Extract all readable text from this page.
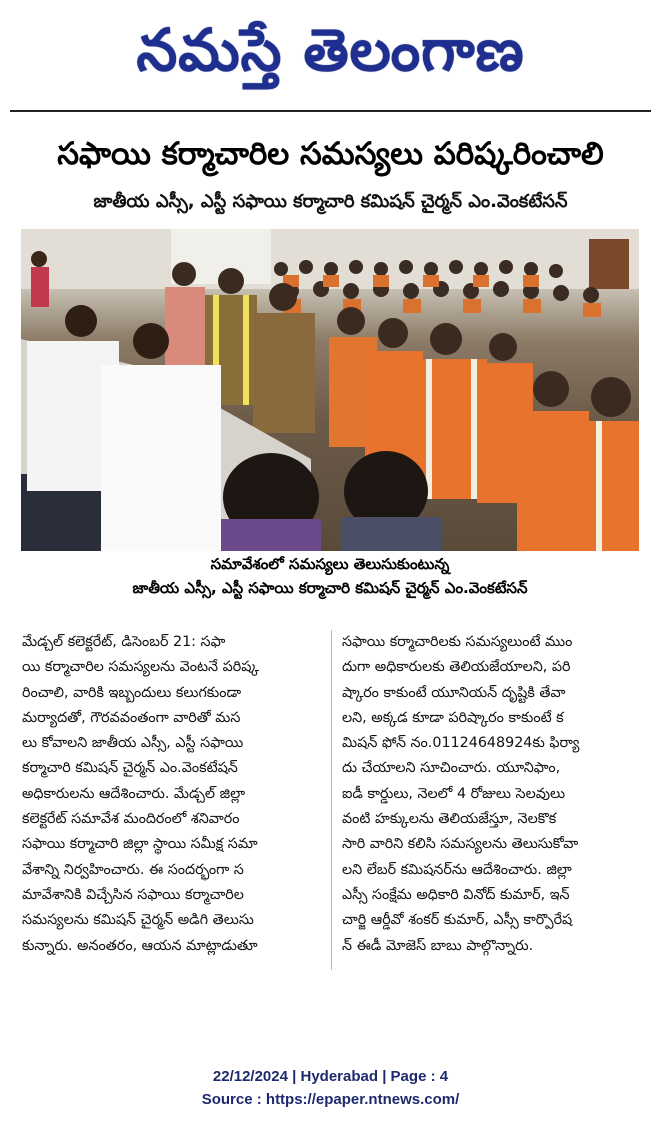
నమస్తే తెలంగాణ
సఫాయి కర్మాచారిల సమస్యలు పరిష్కరించాలి
జాతీయ ఎస్సీ, ఎస్టీ సఫాయి కర్మాచారి కమిషన్ చైర్మన్ ఎం.వెంకటేసన్
సమావేశంలో సమస్యలు తెలుసుకుంటున్న
జాతీయ ఎస్సీ, ఎస్టీ సఫాయి కర్మాచారి కమిషన్ చైర్మన్ ఎం.వెంకటేసన్
మేడ్చల్ కలెక్టరేట్, డిసెంబర్ 21: సఫా
యి కర్మాచారిల సమస్యలను వెంటనే పరిష్క
రించాలి, వారికి ఇబ్బందులు కలుగకుండా
మర్యాదతో, గౌరవవంతంగా వారితో మస
లు కోవాలని జాతీయ ఎస్సీ, ఎస్టీ సఫాయి
కర్మాచారి కమిషన్ చైర్మన్ ఎం.వెంకటేషన్
అధికారులను ఆదేశించారు. మేడ్చల్ జిల్లా
కలెక్టరేట్ సమావేశ మందిరంలో శనివారం
సఫాయి కర్మాచారి జిల్లా స్థాయి సమీక్ష సమా
వేశాన్ని నిర్వహించారు. ఈ సందర్భంగా స
మావేశానికి విచ్చేసిన సఫాయి కర్మాచారిల
సమస్యలను కమిషన్ చైర్మన్ అడిగి తెలుసు
కున్నారు. అనంతరం, ఆయన మాట్లాడుతూ
సఫాయి కర్మాచారిలకు సమస్యలుంటే ముం
దుగా అధికారులకు తెలియజేయాలని, పరి
ష్కారం కాకుంటే యూనియన్ దృష్టికి తేవా
లని, అక్కడ కూడా పరిష్కారం కాకుంటే క
మిషన్ ఫోన్ నం.01124648924కు ఫిర్యా
దు చేయాలని సూచించారు. యూనిఫాం,
ఐడీ కార్డులు, నెలలో 4 రోజులు సెలవులు
వంటి హక్కులను తెలియజేస్తూ, నెలకొక
సారి వారిని కలిసి సమస్యలను తెలుసుకోవా
లని లేబర్ కమిషనర్‌ను ఆదేశించారు. జిల్లా
ఎస్సీ సంక్షేమ అధికారి వినోద్ కుమార్, ఇన్
చార్జి ఆర్డీవో శంకర్ కుమార్, ఎస్సీ కార్పొరేష
న్ ఈడీ మోజెస్ బాబు పాల్గొన్నారు.
22/12/2024 | Hyderabad | Page : 4
Source : https://epaper.ntnews.com/
